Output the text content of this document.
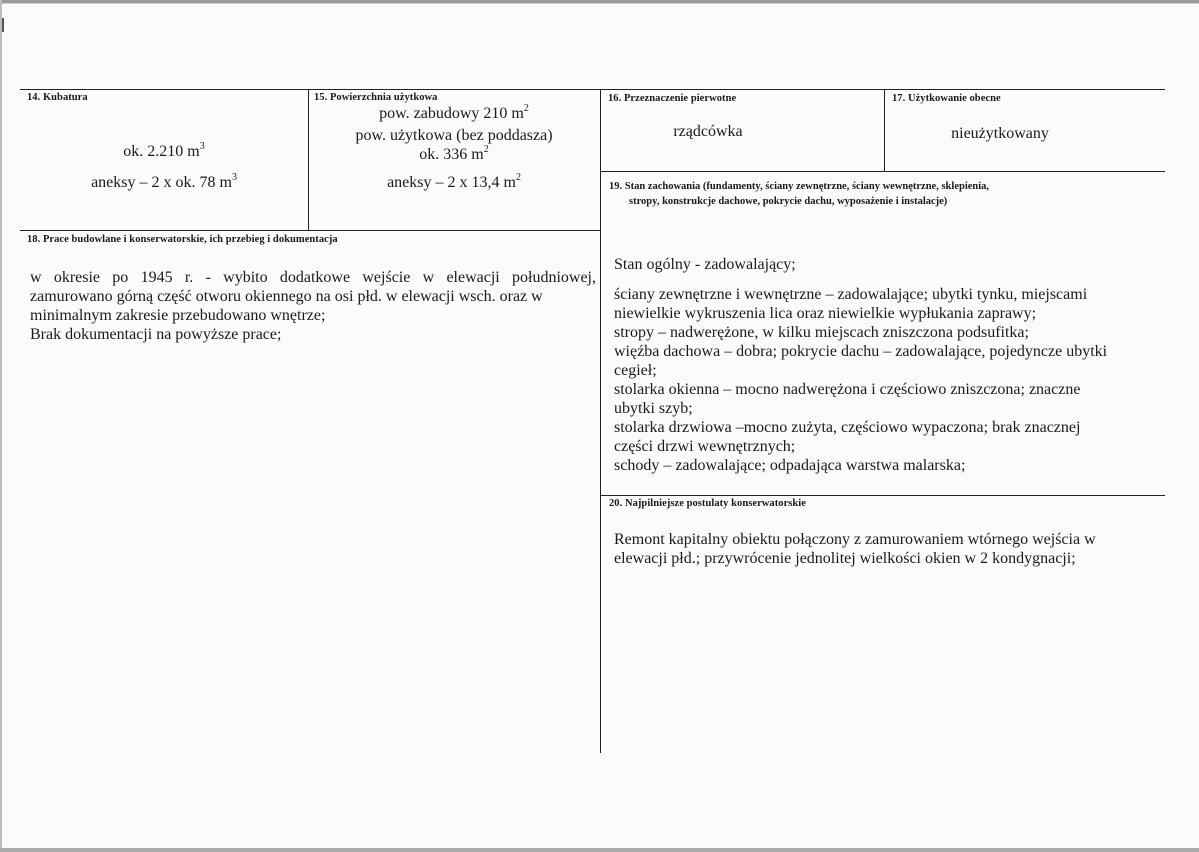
14. Kubatura
ok. 2.210 $m^3$
aneksy – 2 x ok. 78 $m^3$
15. Powierzchnia użytkowa
pow. zabudowy 210 $m^2$
pow. użytkowa (bez poddasza)
ok. 336 $m^2$
aneksy – 2 x 13,4 $m^2$
16. Przeznaczenie pierwotne
rządcówka
17. Użytkowanie obecne
nieużytkowany
18. Prace budowlane i konserwatorskie, ich przebieg i dokumentacja
w okresie po 1945 r. - wybito dodatkowe wejście w elewacji południowej,
zamurowano górną część otworu okiennego na osi płd. w elewacji wsch. oraz w
minimalnym zakresie przebudowano wnętrze;
Brak dokumentacji na powyższe prace;
19. Stan zachowania (fundamenty, ściany zewnętrzne, ściany wewnętrzne, sklepienia,
stropy, konstrukcje dachowe, pokrycie dachu, wyposażenie i instalacje)
Stan ogólny - zadowalający;
ściany zewnętrzne i wewnętrzne – zadowalające; ubytki tynku, miejscami
niewielkie wykruszenia lica oraz niewielkie wypłukania zaprawy;
stropy – nadwerężone, w kilku miejscach zniszczona podsufitka;
więźba dachowa – dobra; pokrycie dachu – zadowalające, pojedyncze ubytki
cegieł;
stolarka okienna – mocno nadwerężona i częściowo zniszczona; znaczne
ubytki szyb;
stolarka drzwiowa –mocno zużyta, częściowo wypaczona; brak znacznej
części drzwi wewnętrznych;
schody – zadowalające; odpadająca warstwa malarska;
20. Najpilniejsze postulaty konserwatorskie
Remont kapitalny obiektu połączony z zamurowaniem wtórnego wejścia w
elewacji płd.; przywrócenie jednolitej wielkości okien w 2 kondygnacji;
